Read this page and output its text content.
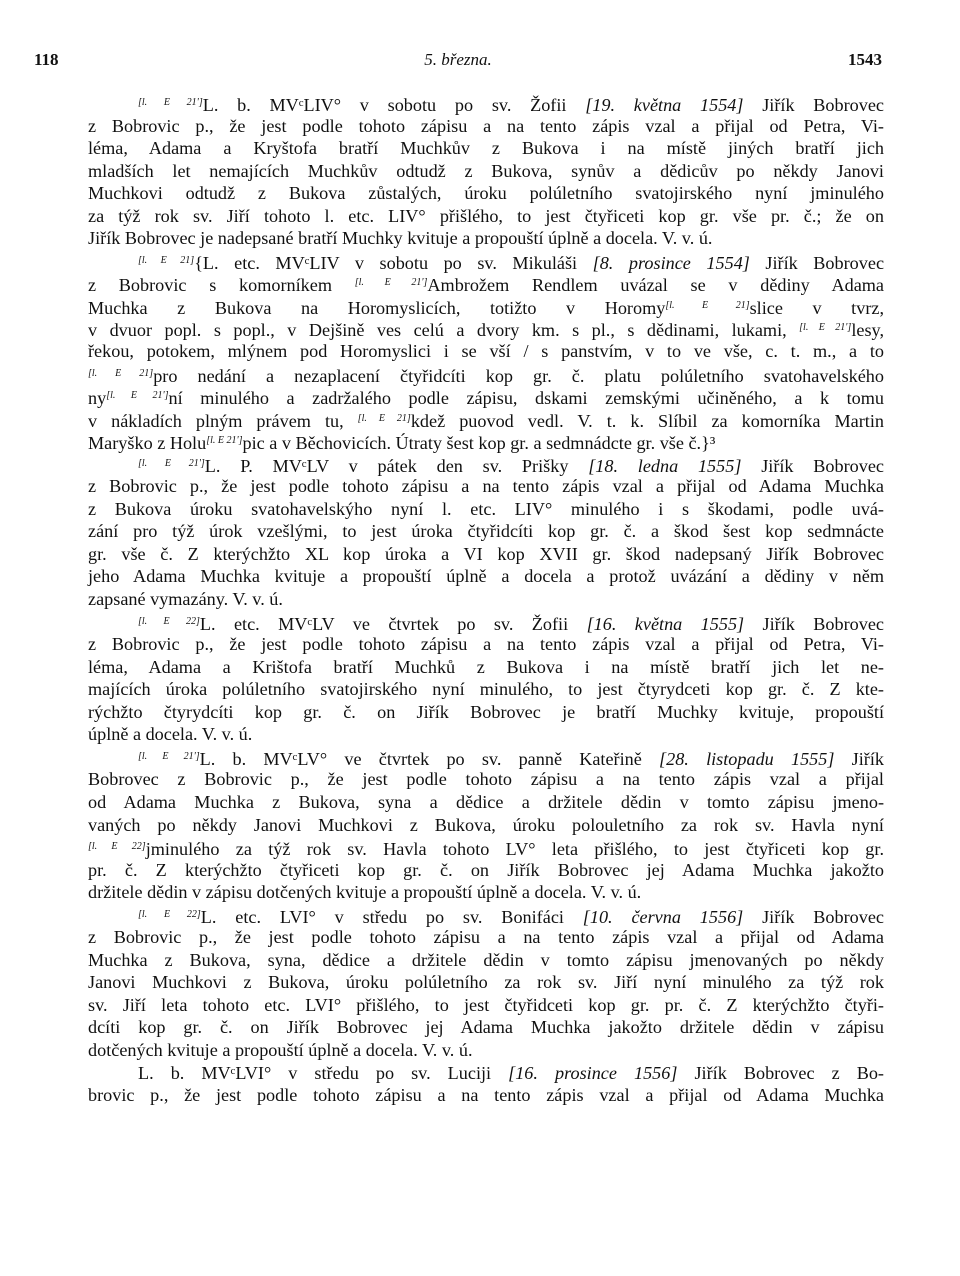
118	5. března.	1543
[l. E 21']L. b. MVᶜLIV° v sobotu po sv. Žofii [19. května 1554] Jiřík Bobrovec
z Bobrovic p., že jest podle tohoto zápisu a na tento zápis vzal a přijal od Petra, Vi-
léma, Adama a Kryštofa bratří Muchkův z Bukova i na místě jiných bratří jich
mladších let nemajících Muchkův odtudž z Bukova, synův a dědicův po někdy Janovi
Muchkovi odtudž z Bukova zůstalých, úroku polúletního svatojirského nyní jminulého
za týž rok sv. Jiří tohoto l. etc. LIV° přišlého, to jest čtyřiceti kop gr. vše pr. č.; že on
Jiřík Bobrovec je nadepsané bratří Muchky kvituje a propouští úplně a docela. V. v. ú.
[l. E 21]{L. etc. MVᶜLIV v sobotu po sv. Mikuláši [8. prosince 1554] Jiřík Bobrovec
z Bobrovic s komorníkem [l. E 21']Ambrožem Rendlem uvázal se v dědiny Adama
Muchka z Bukova na Horomyslicích, totižto v Horomy[l. E 21]slice v tvrz,
v dvuor popl. s popl., v Dejšině ves celú a dvory km. s pl., s dědinami, lukami, [l. E 21']lesy,
řekou, potokem, mlýnem pod Horomyslici i se vší / s panstvím, v to ve vše, c. t. m., a to
[l. E 21]pro nedání a nezaplacení čtyřidcíti kop gr. č. platu polúletního svatohavelského
ny[l. E 21']ní minulého a zadržalého podle zápisu, dskami zemskými učiněného, a k tomu
v nákladích plným právem tu, [l. E 21]kdež puovod vedl. V. t. k. Slíbil za komorníka Martin
Maryško z Holu[l. E 21']pic a v Běchovicích. Útraty šest kop gr. a sedmnádcte gr. vše č.}³
[l. E 21']L. P. MVᶜLV v pátek den sv. Prišky [18. ledna 1555] Jiřík Bobrovec
z Bobrovic p., že jest podle tohoto zápisu a na tento zápis vzal a přijal od Adama Muchka
z Bukova úroku svatohavelskýho nyní l. etc. LIV° minulého i s škodami, podle uvá-
zání pro týž úrok vzešlými, to jest úroka čtyřidcíti kop gr. č. a škod šest kop sedmnácte
gr. vše č. Z kterýchžto XL kop úroka a VI kop XVII gr. škod nadepsaný Jiřík Bobrovec
jeho Adama Muchka kvituje a propouští úplně a docela a protož uvázání a dědiny v něm
zapsané vymazány. V. v. ú.
[l. E 22]L. etc. MVᶜLV ve čtvrtek po sv. Žofii [16. května 1555] Jiřík Bobrovec
z Bobrovic p., že jest podle tohoto zápisu a na tento zápis vzal a přijal od Petra, Vi-
léma, Adama a Krištofa bratří Muchků z Bukova i na místě bratří jich let ne-
majících úroka polúletního svatojirského nyní minulého, to jest čtyrydceti kop gr. č. Z kte-
rýchžto čtyrydcíti kop gr. č. on Jiřík Bobrovec je bratří Muchky kvituje, propouští
úplně a docela. V. v. ú.
[l. E 21']L. b. MVᶜLV° ve čtvrtek po sv. panně Kateřině [28. listopadu 1555] Jiřík
Bobrovec z Bobrovic p., že jest podle tohoto zápisu a na tento zápis vzal a přijal
od Adama Muchka z Bukova, syna a dědice a držitele dědin v tomto zápisu jmeno-
vaných po někdy Janovi Muchkovi z Bukova, úroku polouletního za rok sv. Havla nyní
[l. E 22]jminulého za týž rok sv. Havla tohoto LV° leta přišlého, to jest čtyřiceti kop gr.
pr. č. Z kterýchžto čtyřiceti kop gr. č. on Jiřík Bobrovec jej Adama Muchka jakožto
držitele dědin v zápisu dotčených kvituje a propouští úplně a docela. V. v. ú.
[l. E 22]L. etc. LVI° v středu po sv. Bonifáci [10. června 1556] Jiřík Bobrovec
z Bobrovic p., že jest podle tohoto zápisu a na tento zápis vzal a přijal od Adama
Muchka z Bukova, syna, dědice a držitele dědin v tomto zápisu jmenovaných po někdy
Janovi Muchkovi z Bukova, úroku polúletního za rok sv. Jiří nyní minulého za týž rok
sv. Jiří leta tohoto etc. LVI° přišlého, to jest čtyřidceti kop gr. pr. č. Z kterýchžto čtyři-
dcíti kop gr. č. on Jiřík Bobrovec jej Adama Muchka jakožto držitele dědin v zápisu
dotčených kvituje a propouští úplně a docela. V. v. ú.
L. b. MVᶜLVI° v středu po sv. Luciji [16. prosince 1556] Jiřík Bobrovec z Bo-
brovic p., že jest podle tohoto zápisu a na tento zápis vzal a přijal od Adama Muchka
